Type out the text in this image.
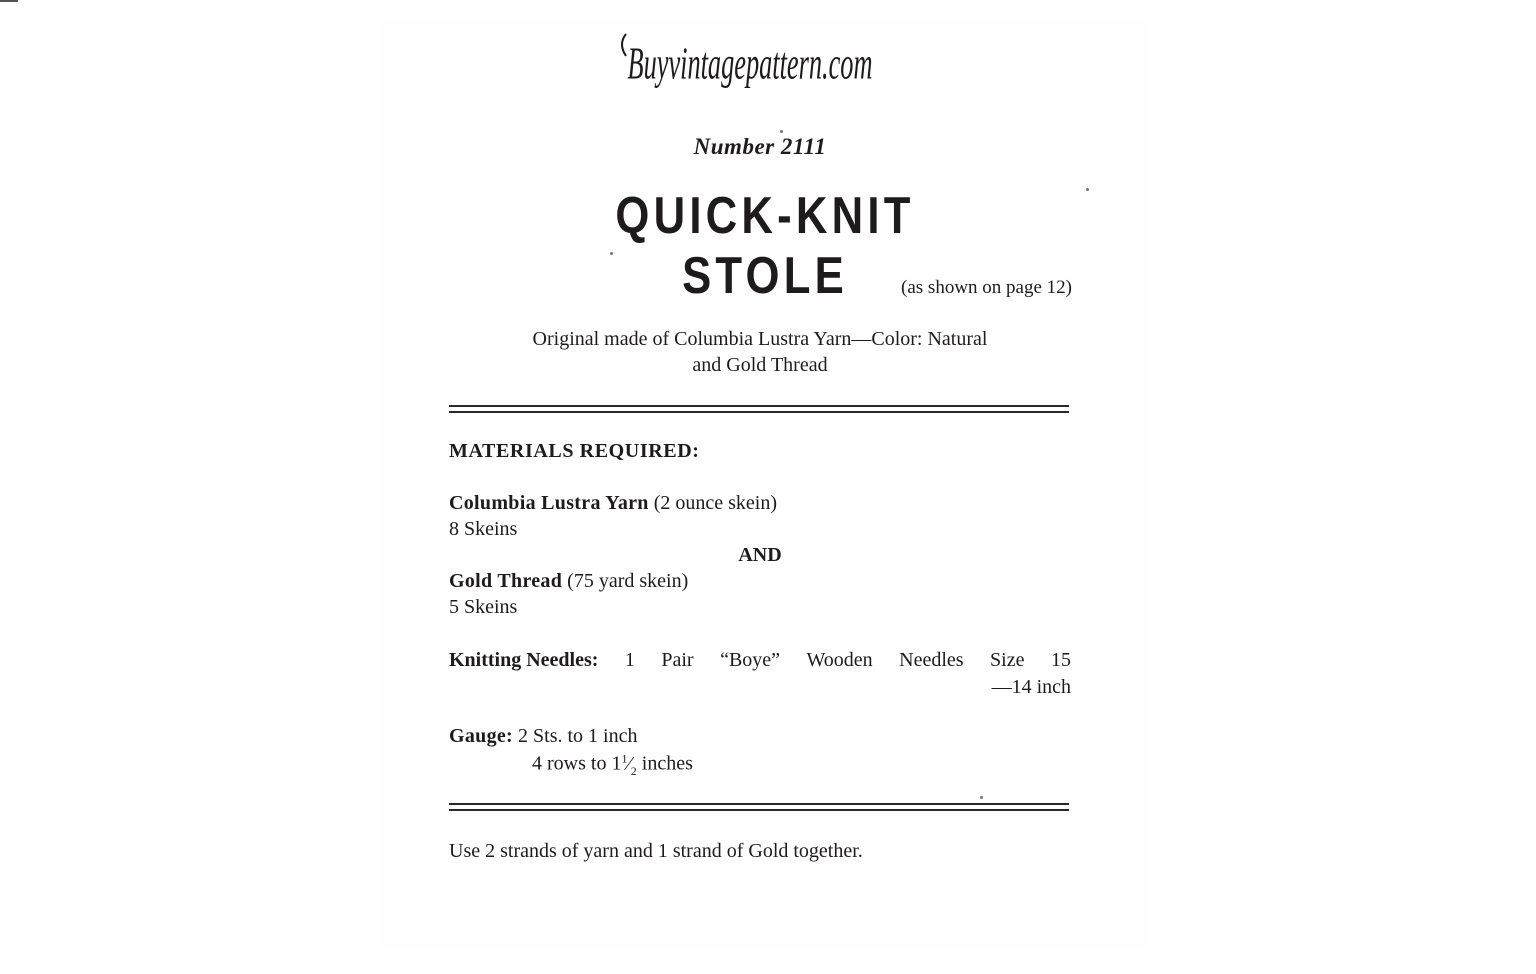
Buyvintagepattern.com
Number 2111
QUICK-KNIT STOLE	(as shown on page 12)
Original made of Columbia Lustra Yarn—Color: Natural
and Gold Thread
MATERIALS REQUIRED:
Columbia Lustra Yarn (2 ounce skein)
8 Skeins
AND
Gold Thread (75 yard skein)
5 Skeins
Knitting Needles: 1 Pair “Boye” Wooden Needles Size 15
—14 inch
Gauge: 2 Sts. to 1 inch
4 rows to $1^1⁄_2$ inches
Use 2 strands of yarn and 1 strand of Gold together.
